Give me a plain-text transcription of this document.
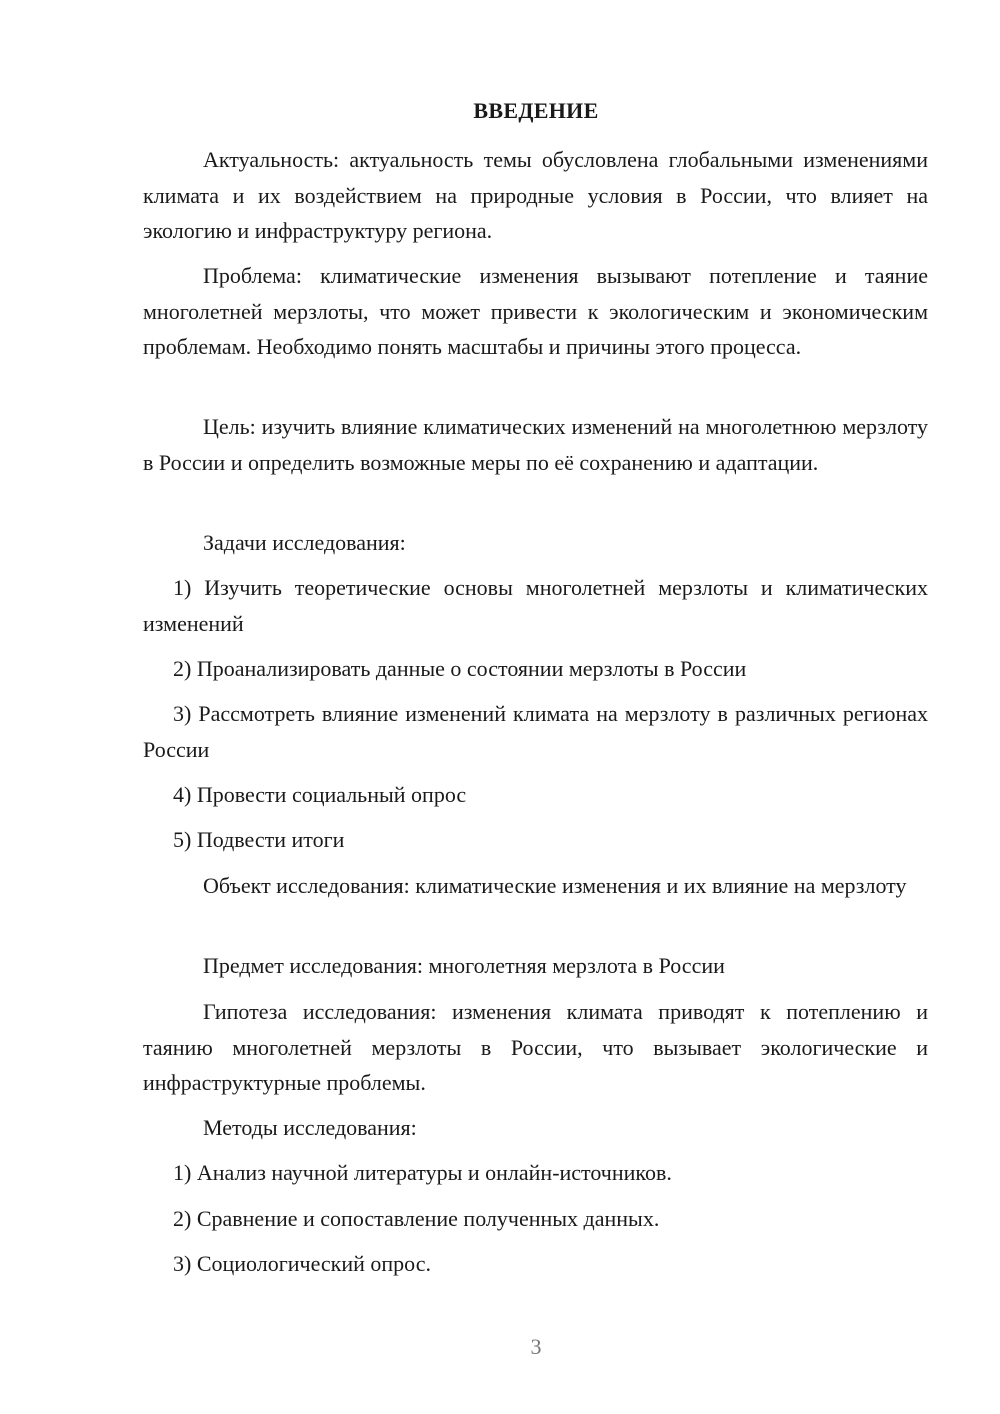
ВВЕДЕНИЕ

Актуальность: актуальность темы обусловлена глобальными изменениями климата и их воздействием на природные условия в России, что влияет на экологию и инфраструктуру региона.

Проблема: климатические изменения вызывают потепление и таяние многолетней мерзлоты, что может привести к экологическим и экономическим проблемам. Необходимо понять масштабы и причины этого процесса.

Цель: изучить влияние климатических изменений на многолетнюю мерзлоту в России и определить возможные меры по её сохранению и адаптации.

Задачи исследования:

1) Изучить теоретические основы многолетней мерзлоты и климатических изменений

2) Проанализировать данные о состоянии мерзлоты в России

3) Рассмотреть влияние изменений климата на мерзлоту в различных регионах России

4) Провести социальный опрос

5) Подвести итоги

Объект исследования: климатические изменения и их влияние на мерзлоту

Предмет исследования: многолетняя мерзлота в России

Гипотеза исследования: изменения климата приводят к потеплению и таянию многолетней мерзлоты в России, что вызывает экологические и инфраструктурные проблемы.

Методы исследования:

1) Анализ научной литературы и онлайн-источников.

2) Сравнение и сопоставление полученных данных.

3) Социологический опрос.

3
